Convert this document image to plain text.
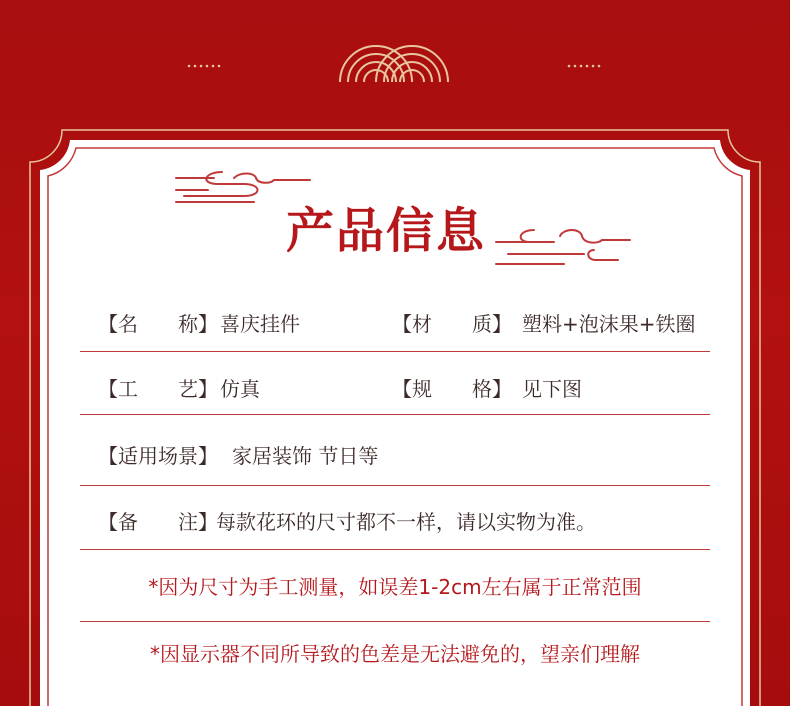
产品信息
【名　　称】 喜庆挂件	【材　　质】 塑料+泡沫果+铁圈
【工　　艺】 仿真	【规　　格】 见下图
【适用场景】 家居装饰 节日等
【备　　注】
每款花环的尺寸都不一样，请以实物为准。
*因为尺寸为手工测量，如误差1-2cm左右属于正常范围
*因显示器不同所导致的色差是无法避免的，望亲们理解
